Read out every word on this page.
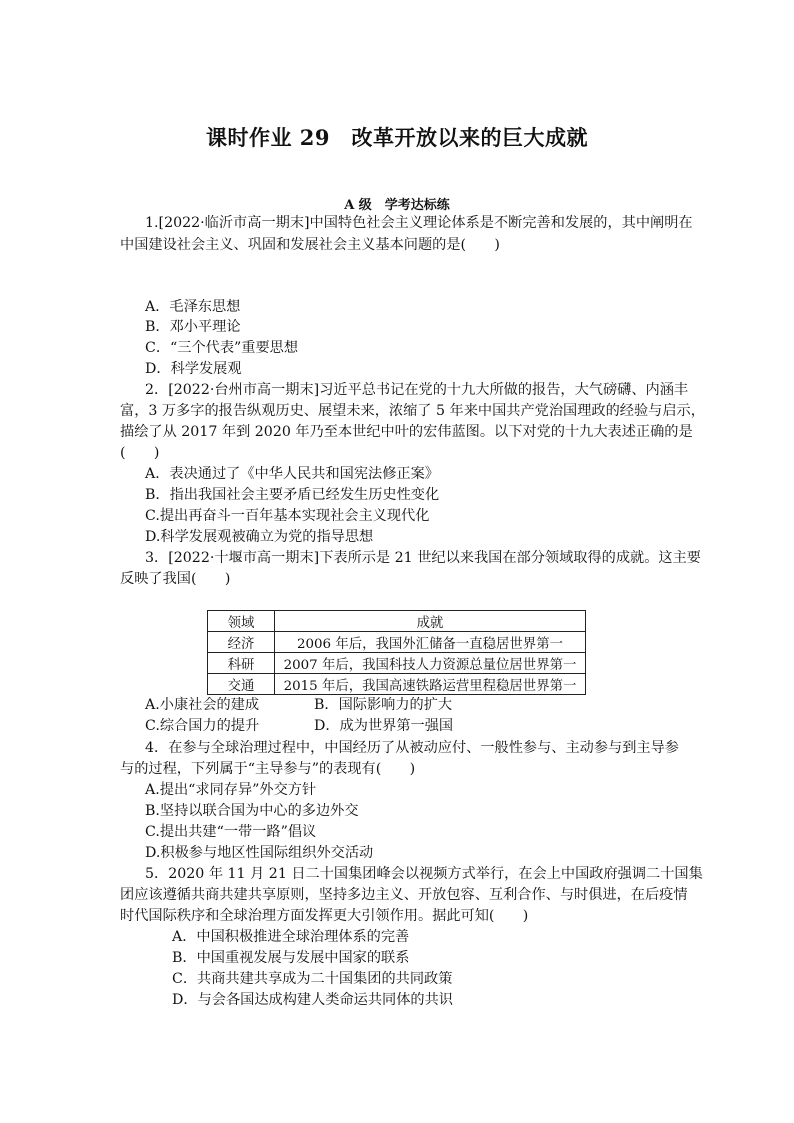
课时作业 29　改革开放以来的巨大成就
A 级　学考达标练
1.[2022·临沂市高一期末]中国特色社会主义理论体系是不断完善和发展的，其中阐明在
中国建设社会主义、巩固和发展社会主义基本问题的是(　　)
A．毛泽东思想
B．邓小平理论
C．“三个代表”重要思想
D．科学发展观
2．[2022·台州市高一期末]习近平总书记在党的十九大所做的报告，大气磅礴、内涵丰
富，3 万多字的报告纵观历史、展望未来，浓缩了 5 年来中国共产党治国理政的经验与启示，
描绘了从 2017 年到 2020 年乃至本世纪中叶的宏伟蓝图。以下对党的十九大表述正确的是
(　　)
A．表决通过了《中华人民共和国宪法修正案》
B．指出我国社会主要矛盾已经发生历史性变化
C.提出再奋斗一百年基本实现社会主义现代化
D.科学发展观被确立为党的指导思想
3．[2022·十堰市高一期末]下表所示是 21 世纪以来我国在部分领域取得的成就。这主要
反映了我国(　　)
领域	成就
经济	2006 年后，我国外汇储备一直稳居世界第一
科研	2007 年后，我国科技人力资源总量位居世界第一
交通	2015 年后，我国高速铁路运营里程稳居世界第一
A.小康社会的建成	B．国际影响力的扩大
C.综合国力的提升	D．成为世界第一强国
4．在参与全球治理过程中，中国经历了从被动应付、一般性参与、主动参与到主导参
与的过程，下列属于“主导参与”的表现有(　　)
A.提出“求同存异”外交方针
B.坚持以联合国为中心的多边外交
C.提出共建“一带一路”倡议
D.积极参与地区性国际组织外交活动
5．2020 年 11 月 21 日二十国集团峰会以视频方式举行，在会上中国政府强调二十国集
团应该遵循共商共建共享原则，坚持多边主义、开放包容、互利合作、与时俱进，在后疫情
时代国际秩序和全球治理方面发挥更大引领作用。据此可知(　　)
A．中国积极推进全球治理体系的完善
B．中国重视发展与发展中国家的联系
C．共商共建共享成为二十国集团的共同政策
D．与会各国达成构建人类命运共同体的共识
